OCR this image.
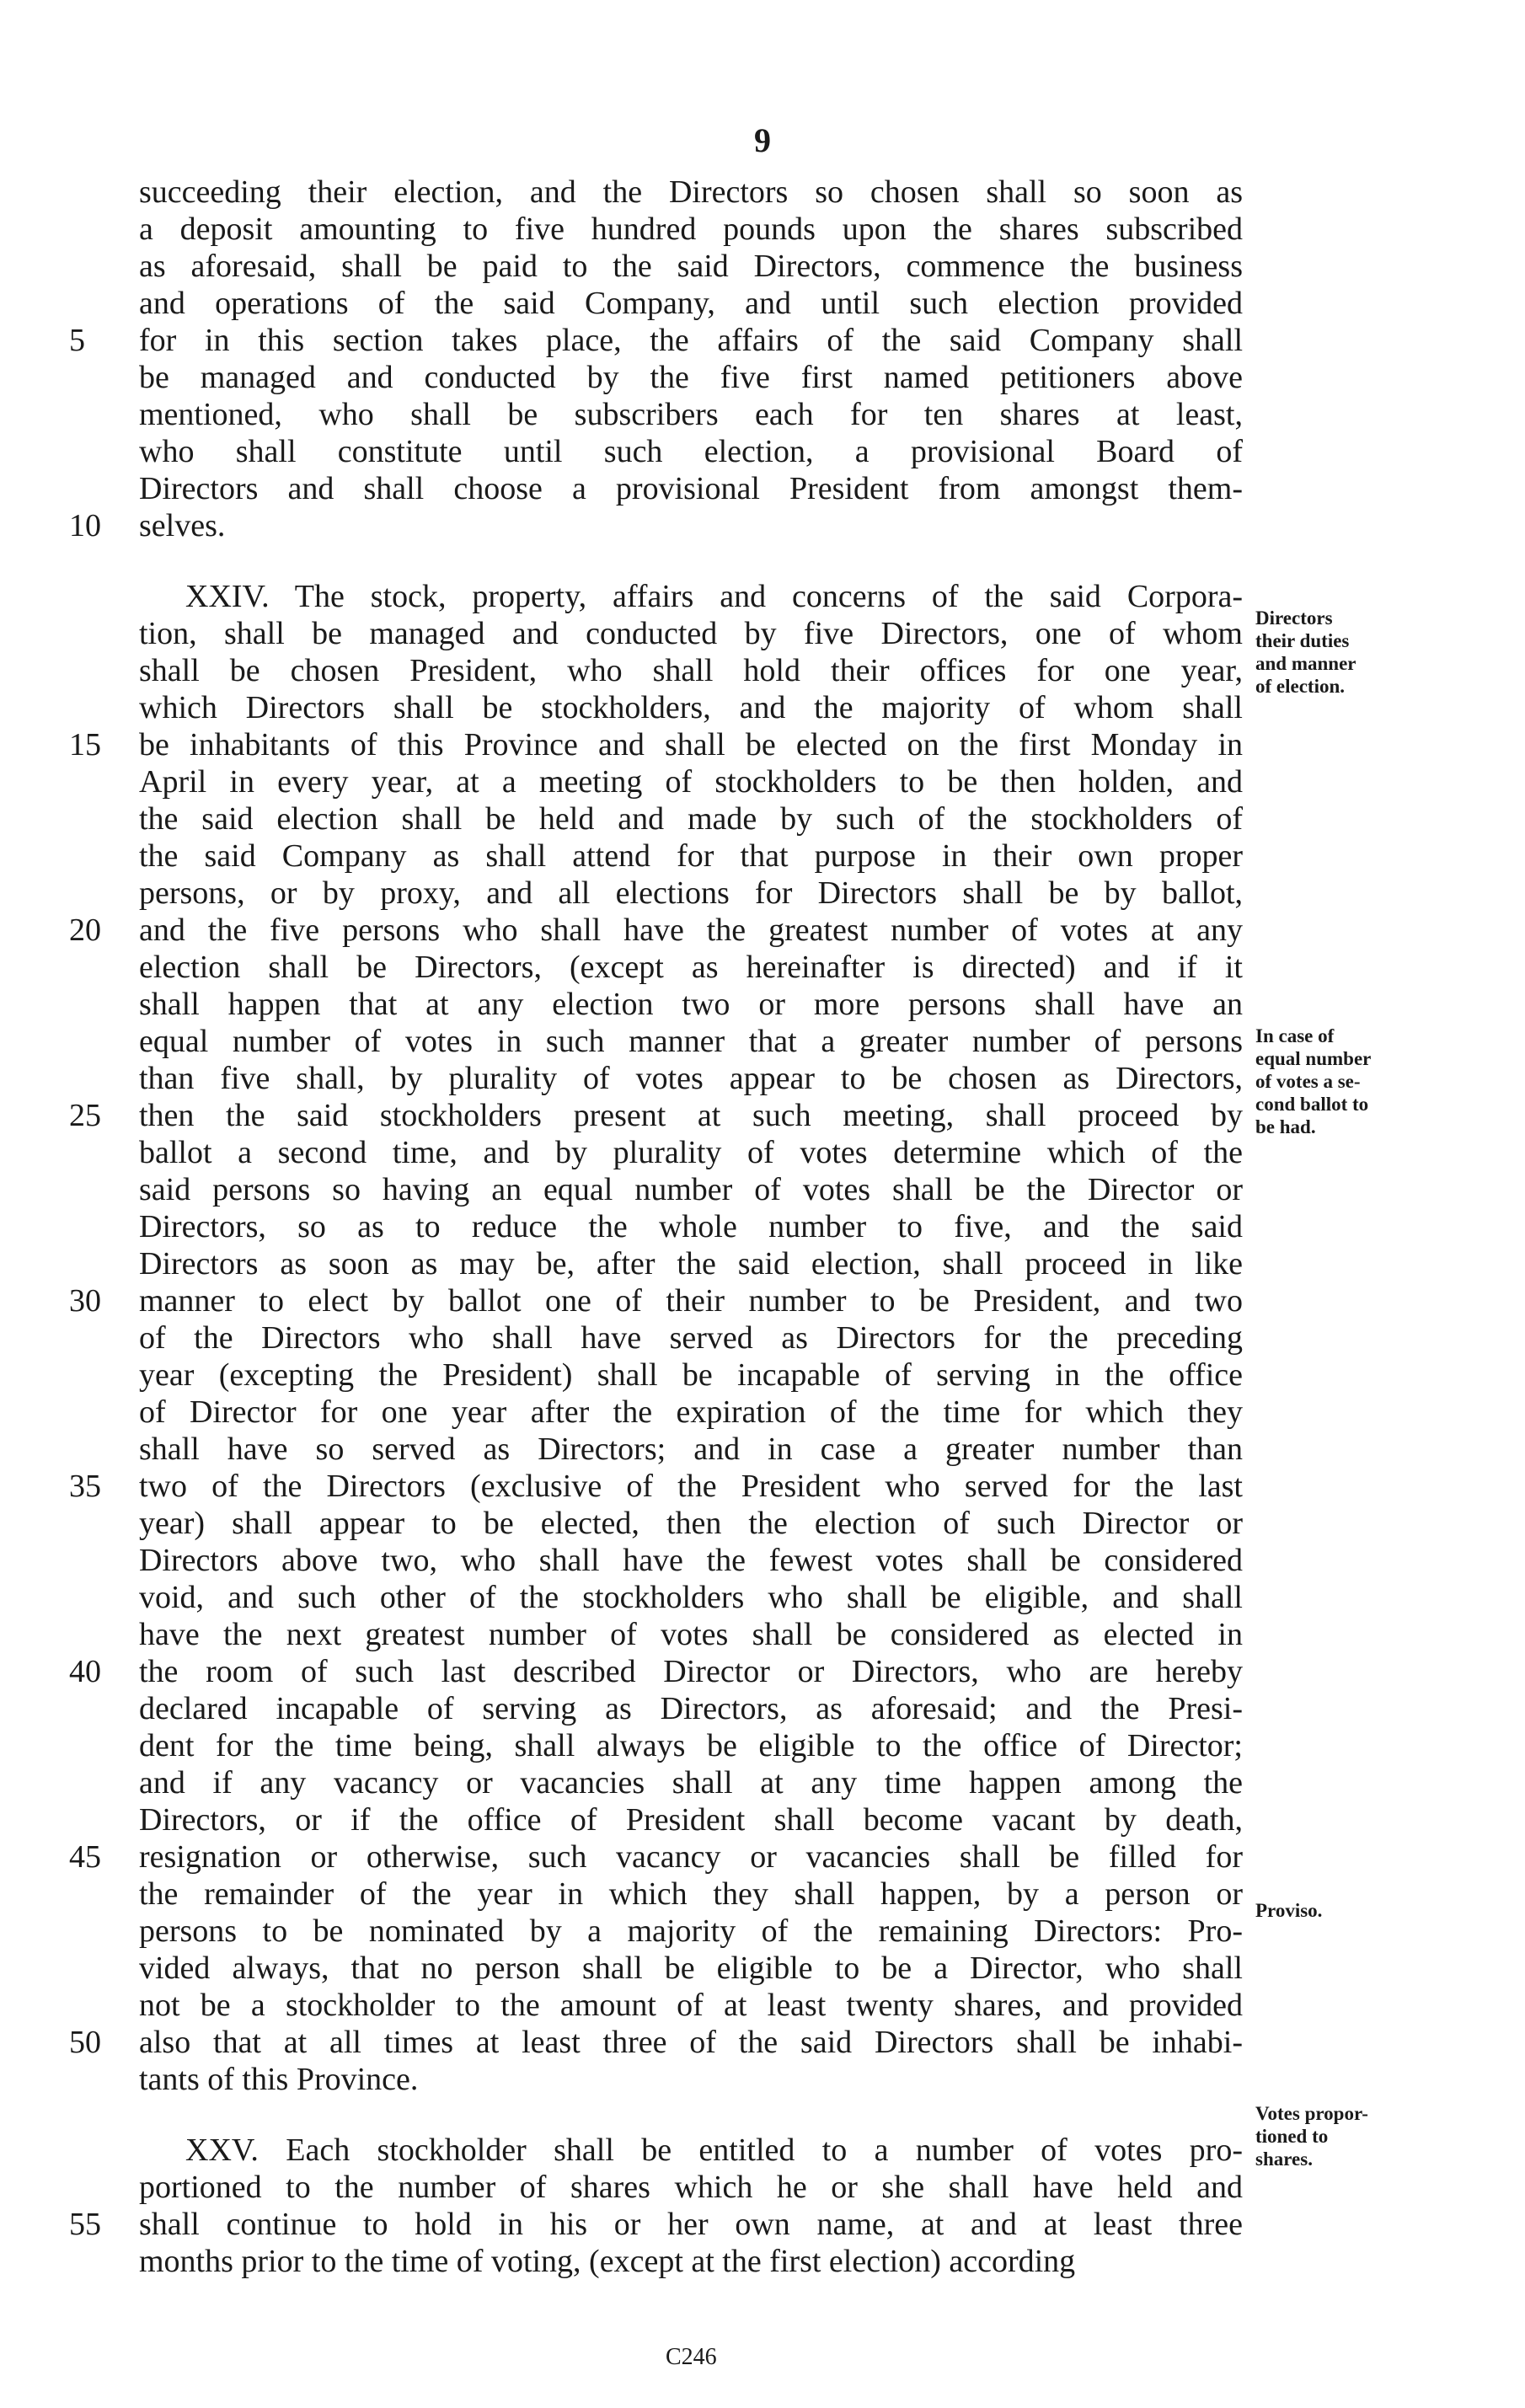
9
succeeding their election, and the Directors so chosen shall so soon as
a deposit amounting to five hundred pounds upon the shares subscribed
as aforesaid, shall be paid to the said Directors, commence the business
and operations of the said Company, and until such election provided
for in this section takes place, the affairs of the said Company shall
5
be managed and conducted by the five first named petitioners above
mentioned, who shall be subscribers each for ten shares at least,
who shall constitute until such election, a provisional Board of
Directors and shall choose a provisional President from amongst them-
selves.
10
XXIV. The stock, property, affairs and concerns of the said Corpora-
tion, shall be managed and conducted by five Directors, one of whom
shall be chosen President, who shall hold their offices for one year,
which Directors shall be stockholders, and the majority of whom shall
be inhabitants of this Province and shall be elected on the first Monday in
15
April in every year, at a meeting of stockholders to be then holden, and
the said election shall be held and made by such of the stockholders of
the said Company as shall attend for that purpose in their own proper
persons, or by proxy, and all elections for Directors shall be by ballot,
and the five persons who shall have the greatest number of votes at any
20
election shall be Directors, (except as hereinafter is directed) and if it
shall happen that at any election two or more persons shall have an
equal number of votes in such manner that a greater number of persons
than five shall, by plurality of votes appear to be chosen as Directors,
then the said stockholders present at such meeting, shall proceed by
25
ballot a second time, and by plurality of votes determine which of the
said persons so having an equal number of votes shall be the Director or
Directors, so as to reduce the whole number to five, and the said
Directors as soon as may be, after the said election, shall proceed in like
manner to elect by ballot one of their number to be President, and two
30
of the Directors who shall have served as Directors for the preceding
year (excepting the President) shall be incapable of serving in the office
of Director for one year after the expiration of the time for which they
shall have so served as Directors; and in case a greater number than
two of the Directors (exclusive of the President who served for the last
35
year) shall appear to be elected, then the election of such Director or
Directors above two, who shall have the fewest votes shall be considered
void, and such other of the stockholders who shall be eligible, and shall
have the next greatest number of votes shall be considered as elected in
the room of such last described Director or Directors, who are hereby
40
declared incapable of serving as Directors, as aforesaid; and the Presi-
dent for the time being, shall always be eligible to the office of Director;
and if any vacancy or vacancies shall at any time happen among the
Directors, or if the office of President shall become vacant by death,
resignation or otherwise, such vacancy or vacancies shall be filled for
45
the remainder of the year in which they shall happen, by a person or
persons to be nominated by a majority of the remaining Directors: Pro-
vided always, that no person shall be eligible to be a Director, who shall
not be a stockholder to the amount of at least twenty shares, and provided
also that at all times at least three of the said Directors shall be inhabi-
50
tants of this Province.
XXV. Each stockholder shall be entitled to a number of votes pro-
portioned to the number of shares which he or she shall have held and
shall continue to hold in his or her own name, at and at least three
55
months prior to the time of voting, (except at the first election) according
Directors
their duties
and manner
of election.
In case of
equal number
of votes a se-
cond ballot to
be had.
Proviso.
Votes propor-
tioned to
shares.
C246
